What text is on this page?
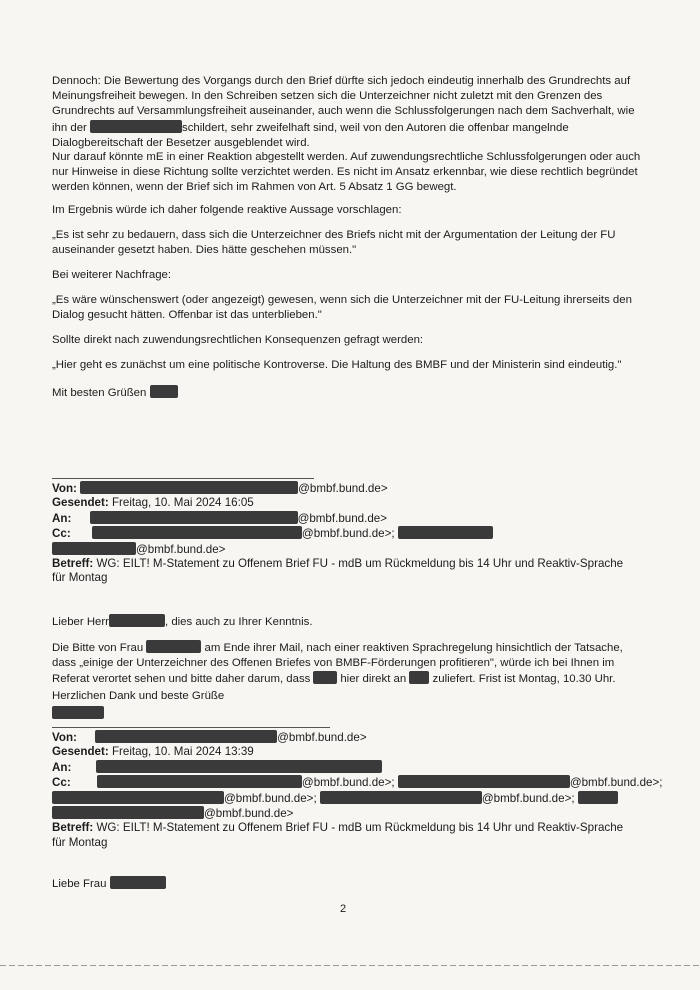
Dennoch: Die Bewertung des Vorgangs durch den Brief dürfte sich jedoch eindeutig innerhalb des Grundrechts auf Meinungsfreiheit bewegen. In den Schreiben setzen sich die Unterzeichner nicht zuletzt mit den Grenzen des Grundrechts auf Versammlungsfreiheit auseinander, auch wenn die Schlussfolgerungen nach dem Sachverhalt, wie ihn der	schildert, sehr zweifelhaft sind, weil von den Autoren die offenbar mangelnde Dialogbereitschaft der Besetzer ausgeblendet wird.

Nur darauf könnte mE in einer Reaktion abgestellt werden. Auf zuwendungsrechtliche Schlussfolgerungen oder auch nur Hinweise in diese Richtung sollte verzichtet werden. Es nicht im Ansatz erkennbar, wie diese rechtlich begründet werden können, wenn der Brief sich im Rahmen von Art. 5 Absatz 1 GG bewegt.

Im Ergebnis würde ich daher folgende reaktive Aussage vorschlagen:

„Es ist sehr zu bedauern, dass sich die Unterzeichner des Briefs nicht mit der Argumentation der Leitung der FU auseinander gesetzt haben. Dies hätte geschehen müssen."

Bei weiterer Nachfrage:

„Es wäre wünschenswert (oder angezeigt) gewesen, wenn sich die Unterzeichner mit der FU-Leitung ihrerseits den Dialog gesucht hätten. Offenbar ist das unterblieben."

Sollte direkt nach zuwendungsrechtlichen Konsequenzen gefragt werden:

„Hier geht es zunächst um eine politische Kontroverse. Die Haltung des BMBF und der Ministerin sind eindeutig."

Mit besten Grüßen

Von:	@bmbf.bund.de>
Gesendet: Freitag, 10. Mai 2024 16:05
An:	@bmbf.bund.de>
Cc:	@bmbf.bund.de>;
@bmbf.bund.de>
Betreff: WG: EILT! M-Statement zu Offenem Brief FU - mdB um Rückmeldung bis 14 Uhr und Reaktiv-Sprache für Montag

Lieber Herr	, dies auch zu Ihrer Kenntnis.

Die Bitte von Frau	am Ende ihrer Mail, nach einer reaktiven Sprachregelung hinsichtlich der Tatsache, dass „einige der Unterzeichner des Offenen Briefes von BMBF-Förderungen profitieren", würde ich bei Ihnen im Referat verortet sehen und bitte daher darum, dass	hier direkt an zuliefert. Frist ist Montag, 10.30 Uhr.

Herzlichen Dank und beste Grüße

Von:	@bmbf.bund.de>
Gesendet: Freitag, 10. Mai 2024 13:39
An:
Cc:	@bmbf.bund.de>;	@bmbf.bund.de>;
@bmbf.bund.de>;	@bmbf.bund.de>;
@bmbf.bund.de>
Betreff: WG: EILT! M-Statement zu Offenem Brief FU - mdB um Rückmeldung bis 14 Uhr und Reaktiv-Sprache für Montag

Liebe Frau

2
